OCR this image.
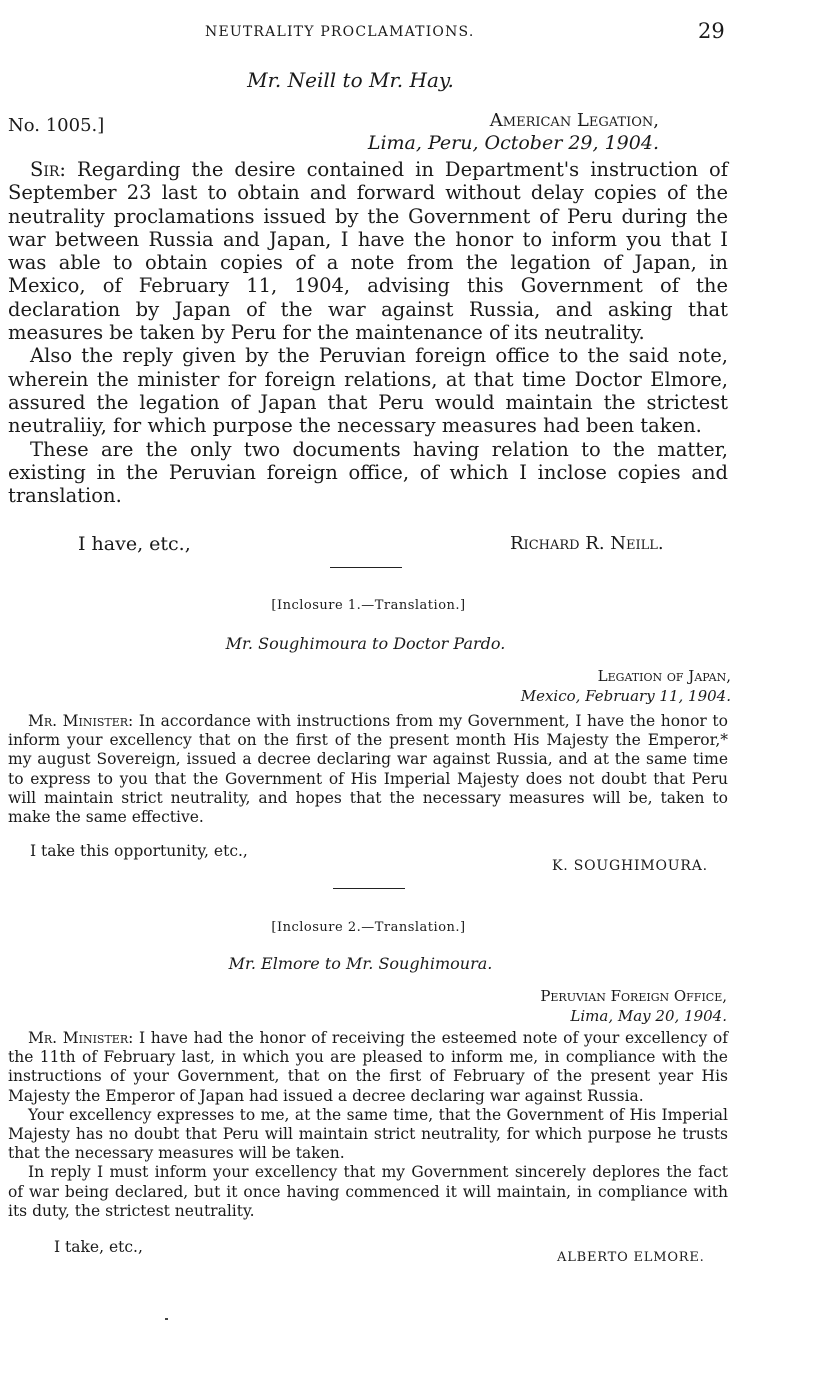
NEUTRALITY PROCLAMATIONS.	29
Mr. Neill to Mr. Hay.
No. 1005.]	American Legation,
Lima, Peru, October 29, 1904.

Sir: Regarding the desire contained in Department's instruction of September 23 last to obtain and forward without delay copies of the neutrality proclamations issued by the Government of Peru during the war between Russia and Japan, I have the honor to inform you that I was able to obtain copies of a note from the legation of Japan, in Mexico, of February 11, 1904, advising this Government of the declaration by Japan of the war against Russia, and asking that measures be taken by Peru for the maintenance of its neutrality.

Also the reply given by the Peruvian foreign office to the said note, wherein the minister for foreign relations, at that time Doctor Elmore, assured the legation of Japan that Peru would maintain the strictest neutraliiy, for which purpose the necessary measures had been taken.

These are the only two documents having relation to the matter, existing in the Peruvian foreign office, of which I inclose copies and translation.

I have, etc.,	Richard R. Neill.
[Inclosure 1.—Translation.]
Mr. Soughimoura to Doctor Pardo.
Legation of Japan,
Mexico, February 11, 1904.

Mr. Minister: In accordance with instructions from my Government, I have the honor to inform your excellency that on the first of the present month His Majesty the Emperor,* my august Sovereign, issued a decree declaring war against Russia, and at the same time to express to you that the Government of His Imperial Majesty does not doubt that Peru will maintain strict neutrality, and hopes that the necessary measures will be, taken to make the same effective.

I take this opportunity, etc.,
K. SOUGHIMOURA.
[Inclosure 2.—Translation.]
Mr. Elmore to Mr. Soughimoura.
Peruvian Foreign Office,
Lima, May 20, 1904.

Mr. Minister: I have had the honor of receiving the esteemed note of your excellency of the 11th of February last, in which you are pleased to inform me, in compliance with the instructions of your Government, that on the first of February of the present year His Majesty the Emperor of Japan had issued a decree declaring war against Russia.

Your excellency expresses to me, at the same time, that the Government of His Imperial Majesty has no doubt that Peru will maintain strict neutrality, for which purpose he trusts that the necessary measures will be taken.

In reply I must inform your excellency that my Government sincerely deplores the fact of war being declared, but it once having commenced it will maintain, in compliance with its duty, the strictest neutrality.

I take, etc.,
ALBERTO ELMORE.
